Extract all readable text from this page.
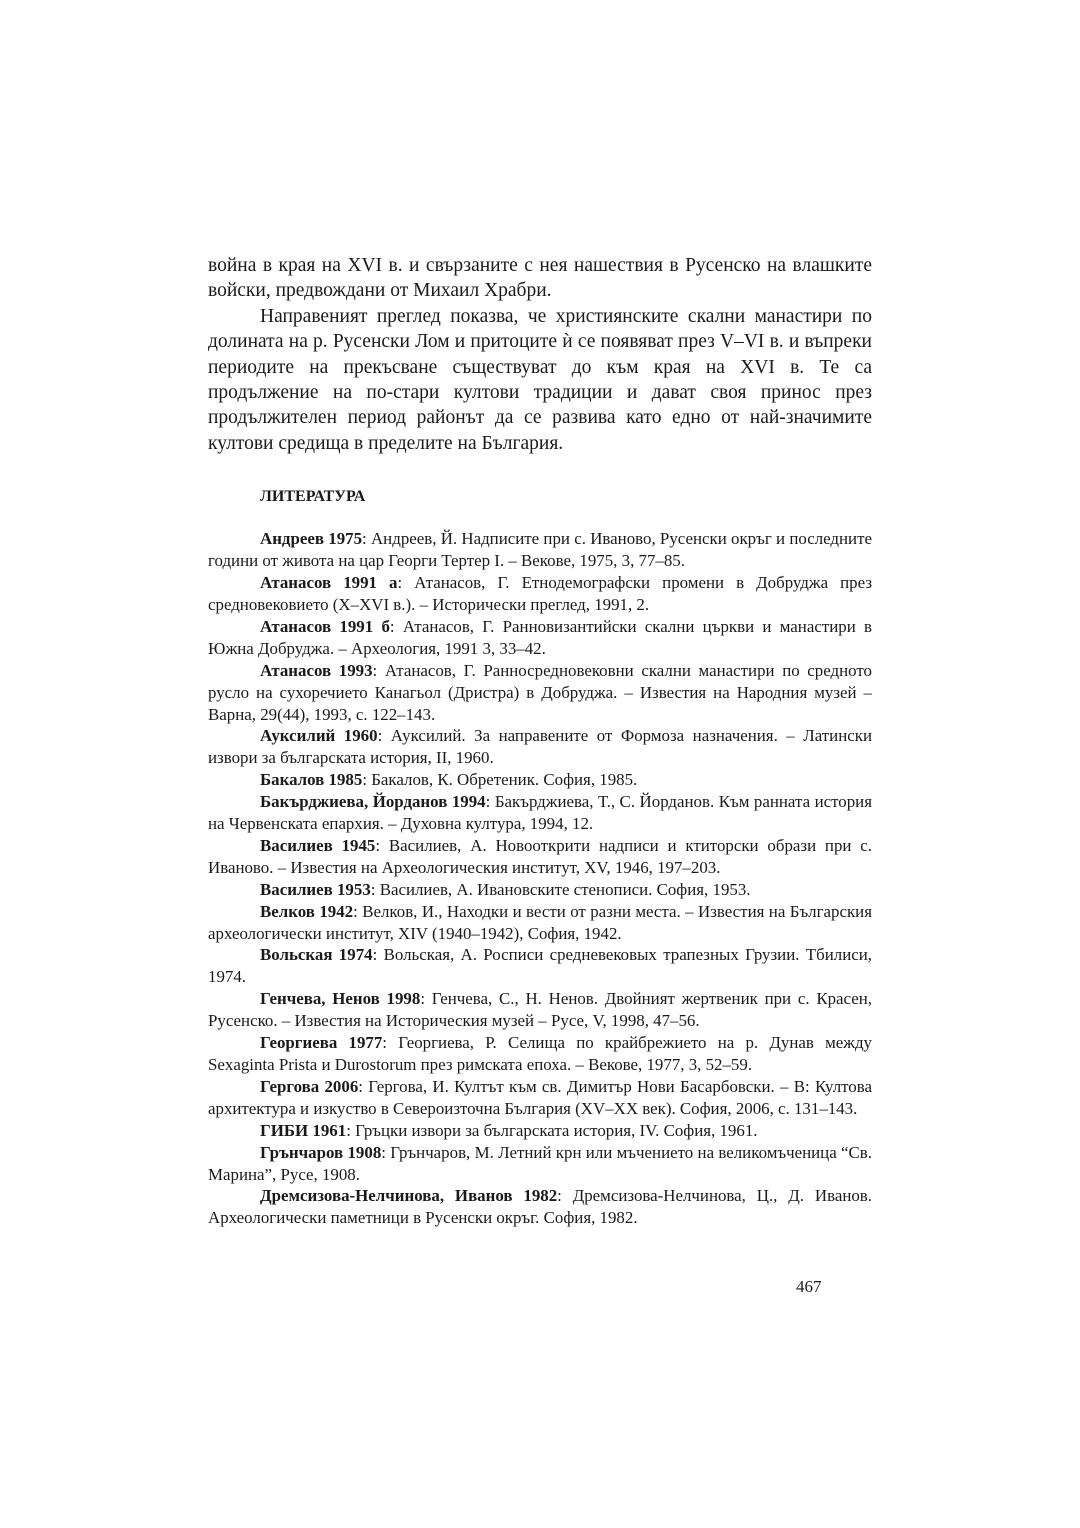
война в края на XVI в. и свързаните с нея нашествия в Русенско на влашките войски, предвождани от Михаил Храбри.

Направеният преглед показва, че християнските скални манастири по долината на р. Русенски Лом и притоците ѝ се появяват през V–VI в. и въпреки периодите на прекъсване съществуват до към края на XVI в. Те са продължение на по-стари култови традиции и дават своя принос през продължителен период районът да се развива като едно от най-значимите култови средища в пределите на България.

ЛИТЕРАТУРА

Андреев 1975: Андреев, Й. Надписите при с. Иваново, Русенски окръг и последните години от живота на цар Георги Тертер I. – Векове, 1975, 3, 77–85.

Атанасов 1991 а: Атанасов, Г. Етнодемографски промени в Добруджа през средновековието (X–XVI в.). – Исторически преглед, 1991, 2.

Атанасов 1991 б: Атанасов, Г. Ранновизантийски скални църкви и манастири в Южна Добруджа. – Археология, 1991 3, 33–42.

Атанасов 1993: Атанасов, Г. Ранносредновековни скални манастири по средното русло на сухоречието Канагьол (Дристра) в Добруджа. – Известия на Народния музей – Варна, 29(44), 1993, с. 122–143.

Ауксилий 1960: Ауксилий. За направените от Формоза назначения. – Латински извори за българската история, II, 1960.

Бакалов 1985: Бакалов, К. Обретеник. София, 1985.

Бакърджиева, Йорданов 1994: Бакърджиева, Т., С. Йорданов. Към ранната история на Червенската епархия. – Духовна култура, 1994, 12.

Василиев 1945: Василиев, А. Новооткрити надписи и ктиторски образи при с. Иваново. – Известия на Археологическия институт, XV, 1946, 197–203.

Василиев 1953: Василиев, А. Ивановските стенописи. София, 1953.

Велков 1942: Велков, И., Находки и вести от разни места. – Известия на Българския археологически институт, XIV (1940–1942), София, 1942.

Вольская 1974: Вольская, А. Росписи средневековых трапезных Грузии. Тбилиси, 1974.

Генчева, Ненов 1998: Генчева, С., Н. Ненов. Двойният жертвеник при с. Красен, Русенско. – Известия на Историческия музей – Русе, V, 1998, 47–56.

Георгиева 1977: Георгиева, Р. Селища по крайбрежието на р. Дунав между Sexaginta Prista и Durostorum през римската епоха. – Векове, 1977, 3, 52–59.

Гергова 2006: Гергова, И. Култът към св. Димитър Нови Басарбовски. – В: Култова архитектура и изкуство в Североизточна България (XV–XX век). София, 2006, с. 131–143.

ГИБИ 1961: Гръцки извори за българската история, IV. София, 1961.

Грънчаров 1908: Грънчаров, М. Летний крн или мъчението на великомъченица “Св. Марина”, Русе, 1908.

Дремсизова-Нелчинова, Иванов 1982: Дремсизова-Нелчинова, Ц., Д. Иванов. Археологически паметници в Русенски окръг. София, 1982.

467
